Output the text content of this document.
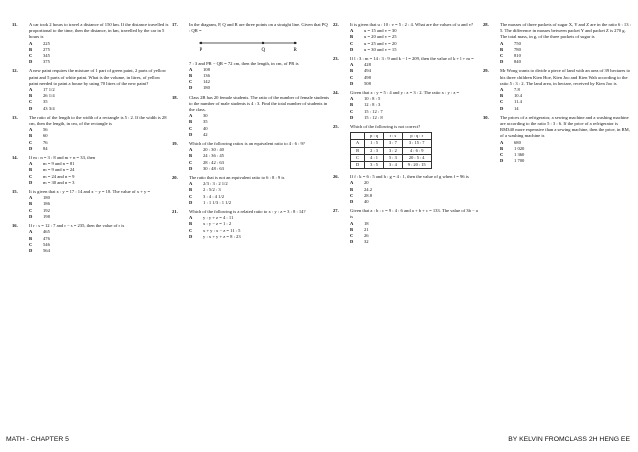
11.	A car took 2 hours to travel a distance of 150 km. If the distance travelled is proportional to the time, then the distance, in km, travelled by the car in 5 hours is
A	225
B	275
C	345
D	375
12.	A new paint requires the mixture of 1 part of green paint, 2 parts of yellow paint and 5 parts of white paint. What is the volume, in litres, of yellow paint needed to paint a house by using 70 litres of the new paint?
A	17 1/2
B	26 1/4
C	35
D	43 3/4
13.	The ratio of the length to the width of a rectangle is 5 : 2. If the width is 28 cm, then the length, in cm, of the rectangle is
A	56
B	60
C	76
D	84
14.	If m : n = 3 : 8 and m + n = 33, then
A	m = 9 and n = 81
B	m = 9 and n = 24
C	m = 24 and n = 9
D	m = 30 and n = 3
15.	It is given that x : y = 17 : 14 and x − y = 18. The value of x + y =
A	180
B	186
C	192
D	198
16.	If r : s = 12 : 7 and r − s = 235, then the value of r is
A	465
B	476
C	546
D	564
17.	In the diagram, P, Q and R are three points on a straight line. Given that PQ : QR =
P	Q	R
7 : 3 and PR − QR = 72 cm, then the length, in cm, of PR is
A	108
B	136
C	142
D	180
18.	Class 2B has 20 female students. The ratio of the number of female students to the number of male students is 4 : 3. Find the total number of students in the class.
A	30
B	35
C	40
D	42
19.	Which of the following ratios is an equivalent ratio to 4 : 6 : 9?
A	20 : 30 : 40
B	24 : 36 : 45
C	28 : 42 : 63
D	30 : 48 : 63
20.	The ratio that is not an equivalent ratio to 6 : 8 : 9 is
A	2/3 : 3 : 2 1/2
B	2 : 5/2 : 3
C	3 : 4 : 4 1/2
D	1 : 1 1/3 : 1 1/2
21.	Which of the following is a related ratio to x : y : z = 3 : 8 : 14?
A	y : y + z = 4 : 11
B	x : y − z = 1 : 2
C	x + y : x − z = 11 : 5
D	y : x + y + z = 8 : 23
22.	It is given that u : 10 : v = 5 : 2 : 4. What are the values of u and v?
A	u = 15 and v = 30
B	u = 20 and v = 25
C	u = 25 and v = 20
D	u = 30 and v = 15
23.	If l : 3 : m = 14 : 3 : 9 and k − l = 209, then the value of k + l + m =
A	428
B	494
C	498
D	508
24.	Given that x : y = 5 : 4 and y : z = 3 : 2. The ratio x : y : z =
A	10 : 8 : 5
B	12 : 8 : 3
C	15 : 12 : 7
D	15 : 12 : 8
25.	Which of the following is not correct?
	p : q	r : s	p : q : r
A	1 : 5	3 : 7	3 : 15 : 7
B	2 : 3	3 : 2	4 : 6 : 9
C	4 : 1	5 : 3	20 : 5 : 4
D	3 : 5	3 : 4	9 : 20 : 15
26.	If f : k = 6 : 5 and h : g = 4 : 1, then the value of g when f = 96 is
A	20
B	24.2
C	28.8
D	40
27.	Given that a : b : c = 9 : 4 : 6 and a + b + c = 133. The value of 3b − a is
A	18
B	21
C	26
D	32
28.	The masses of three packets of sugar X, Y and Z are in the ratio 6 : 13 : 5. The difference in masses between packet Y and packet Z is 270 g. The total mass, in g, of the three packets of sugar is
A	750
B	780
C	810
D	840
29.	Mr Wong wants to divide a piece of land with an area of 39 hectares to his three children Kien Hoe, Kien Joo and Kien Wah according to the ratio 5 : 3 : 2. The land area, in hectare, received by Kien Joo is
A	7.8
B	10.4
C	11.4
D	14
30.	The prices of a refrigerator, a sewing machine and a washing machine are according to the ratio 5 : 3 : 6. If the price of a refrigerator is RM340 more expensive than a sewing machine, then the price, in RM, of a washing machine is
A	680
B	1 020
C	1 360
D	1 700
MATH - CHAPTER 5	BY KELVIN FROMCLASS 2H HENG EE
